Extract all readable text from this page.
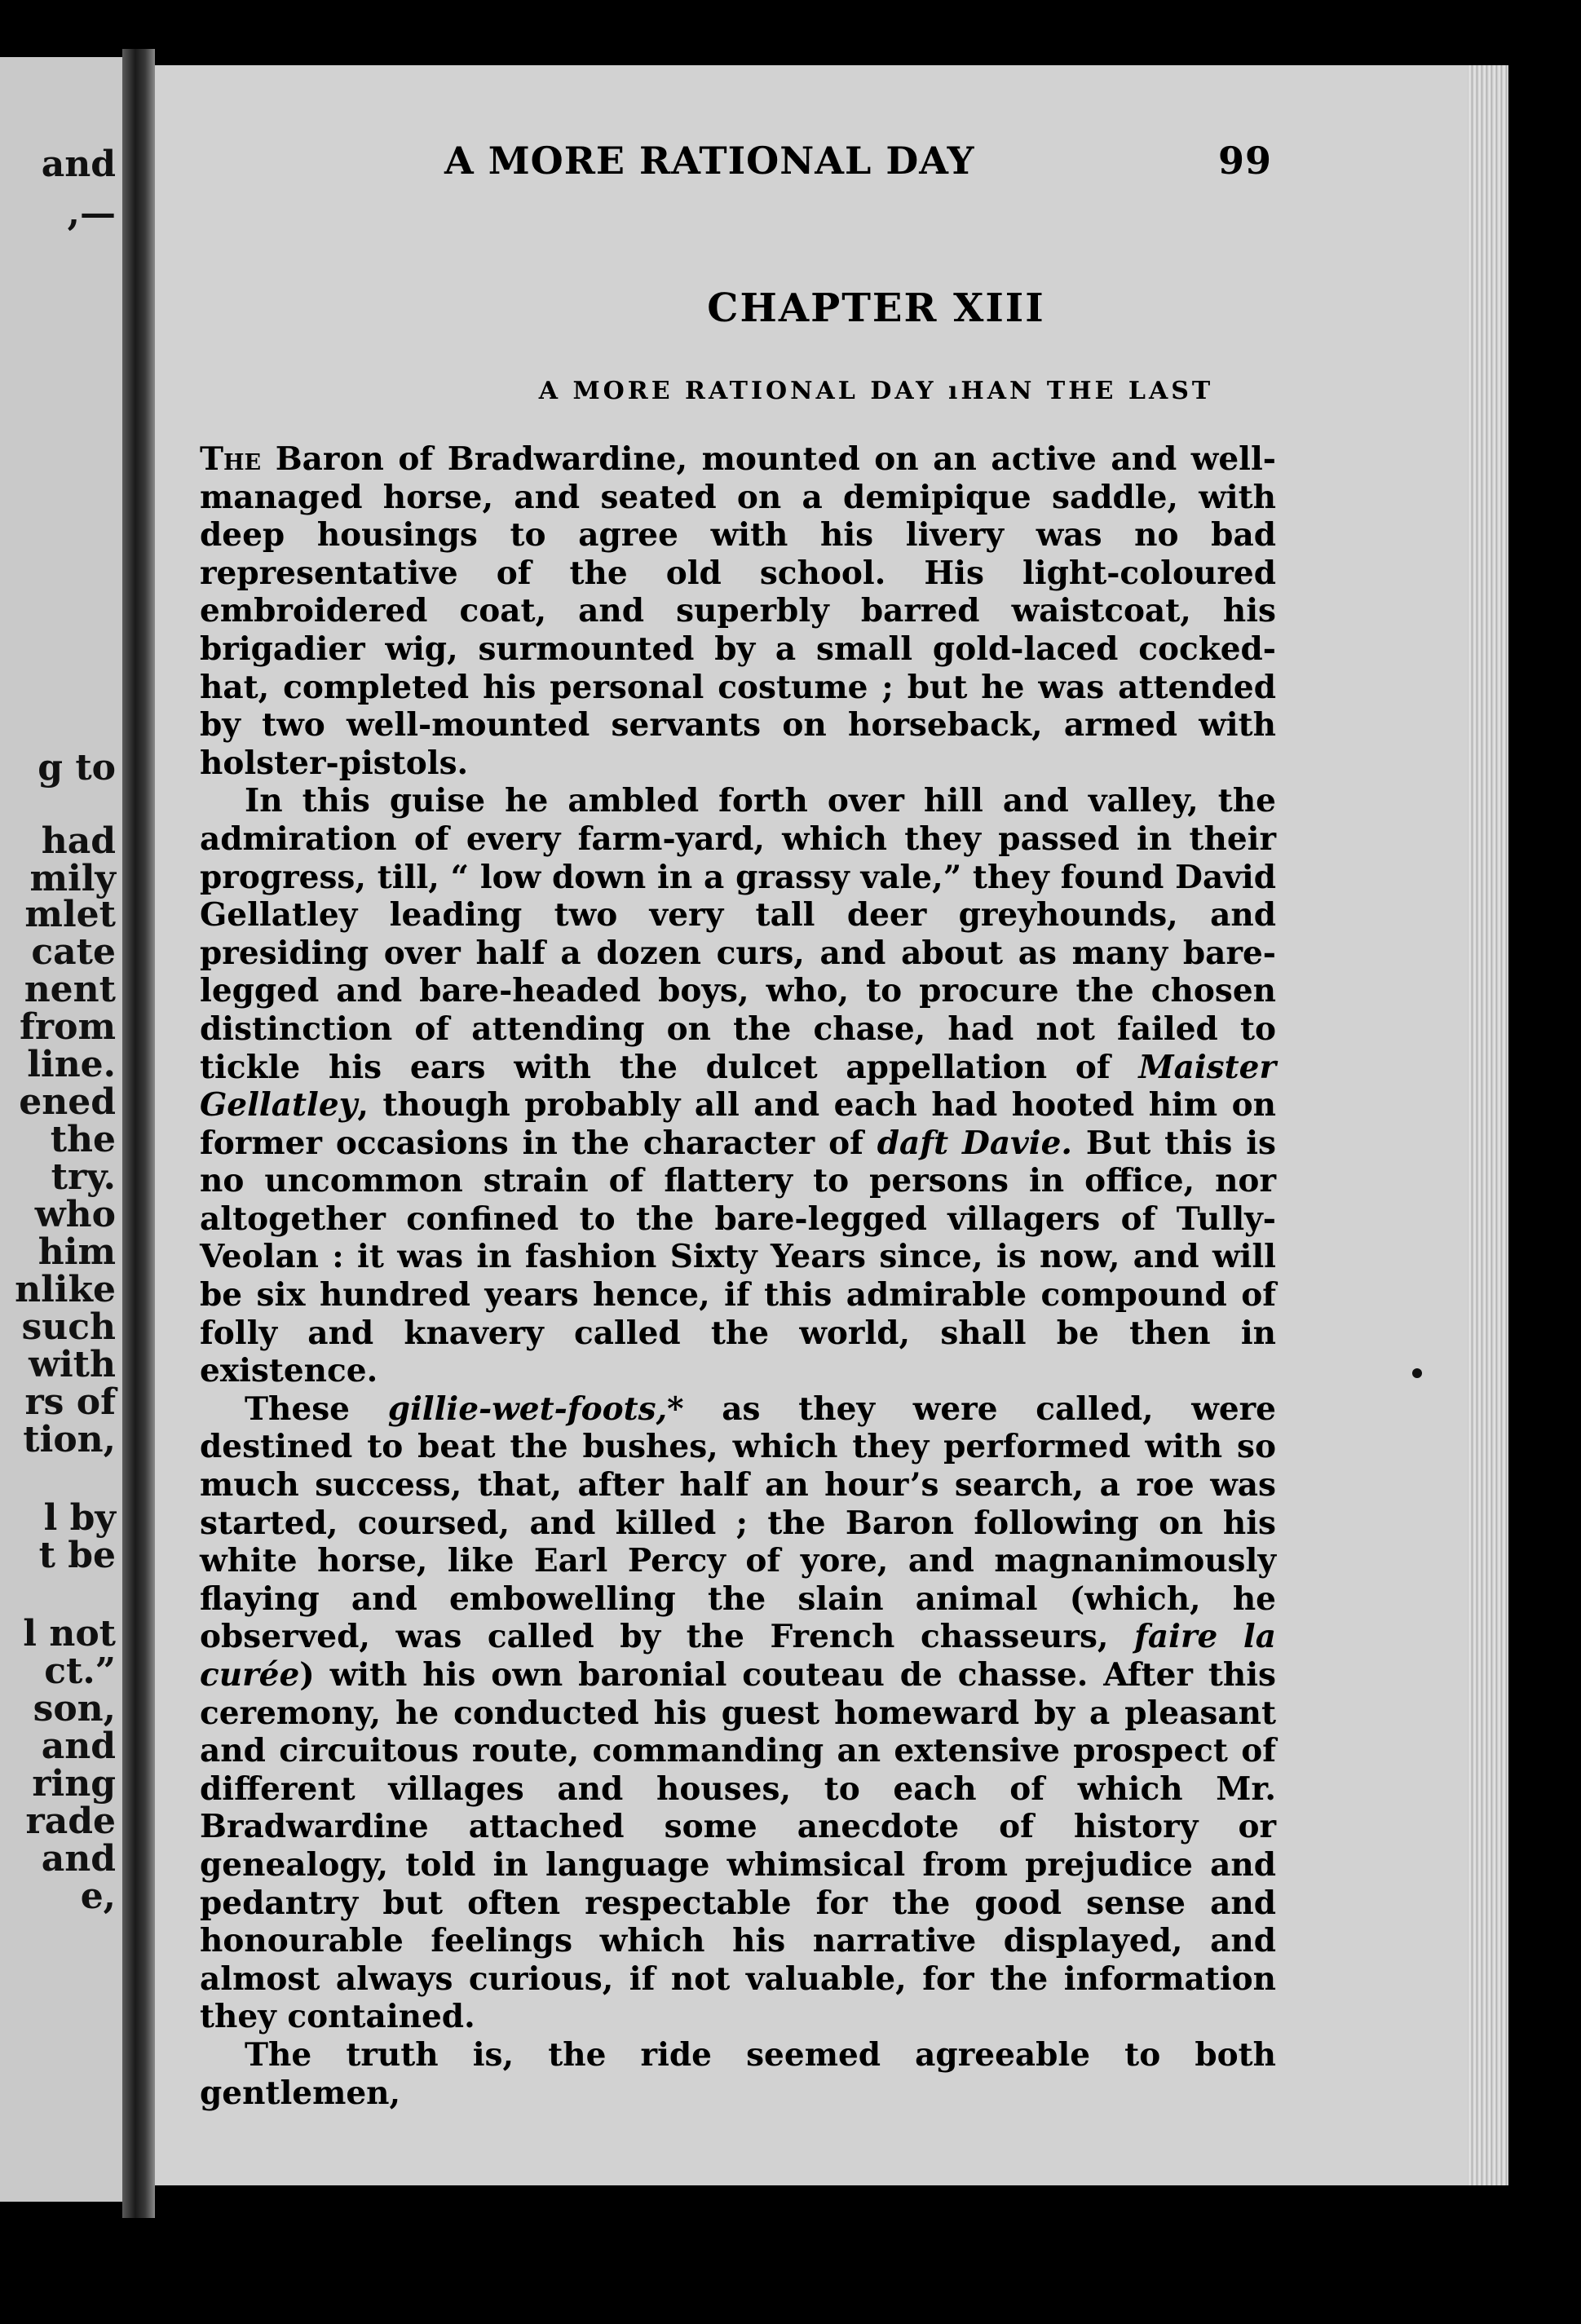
and
,—
g to
had
mily
mlet
cate
nent
from
line.
ened
the
try.
who
him
nlike
such
with
rs of
tion,
l by
t be
l not
ct.”
son,
and
ring
rade
and
e,
A MORE RATIONAL DAY	99
CHAPTER XIII
A MORE RATIONAL DAY ıHAN THE LAST

The Baron of Bradwardine, mounted on an active and well-managed horse, and seated on a demipique saddle, with deep housings to agree with his livery was no bad representative of the old school. His light-coloured embroidered coat, and superbly barred waistcoat, his brigadier wig, surmounted by a small gold-laced cocked-hat, completed his personal costume ; but he was attended by two well-mounted servants on horseback, armed with holster-pistols.

In this guise he ambled forth over hill and valley, the admiration of every farm-yard, which they passed in their progress, till, “ low down in a grassy vale,” they found David Gellatley leading two very tall deer greyhounds, and presiding over half a dozen curs, and about as many bare-legged and bare-headed boys, who, to procure the chosen distinction of attending on the chase, had not failed to tickle his ears with the dulcet appellation of Maister Gellatley, though probably all and each had hooted him on former occasions in the character of daft Davie. But this is no uncommon strain of flattery to persons in office, nor altogether confined to the bare-legged villagers of Tully-Veolan : it was in fashion Sixty Years since, is now, and will be six hundred years hence, if this admirable compound of folly and knavery called the world, shall be then in existence.

These gillie-wet-foots,* as they were called, were destined to beat the bushes, which they performed with so much success, that, after half an hour’s search, a roe was started, coursed, and killed ; the Baron following on his white horse, like Earl Percy of yore, and magnanimously flaying and embowelling the slain animal (which, he observed, was called by the French chasseurs, faire la curée) with his own baronial couteau de chasse. After this ceremony, he conducted his guest homeward by a pleasant and circuitous route, commanding an extensive prospect of different villages and houses, to each of which Mr. Bradwardine attached some anecdote of history or genealogy, told in language whimsical from prejudice and pedantry but often respectable for the good sense and honourable feelings which his narrative displayed, and almost always curious, if not valuable, for the information they contained.

The truth is, the ride seemed agreeable to both gentlemen,
